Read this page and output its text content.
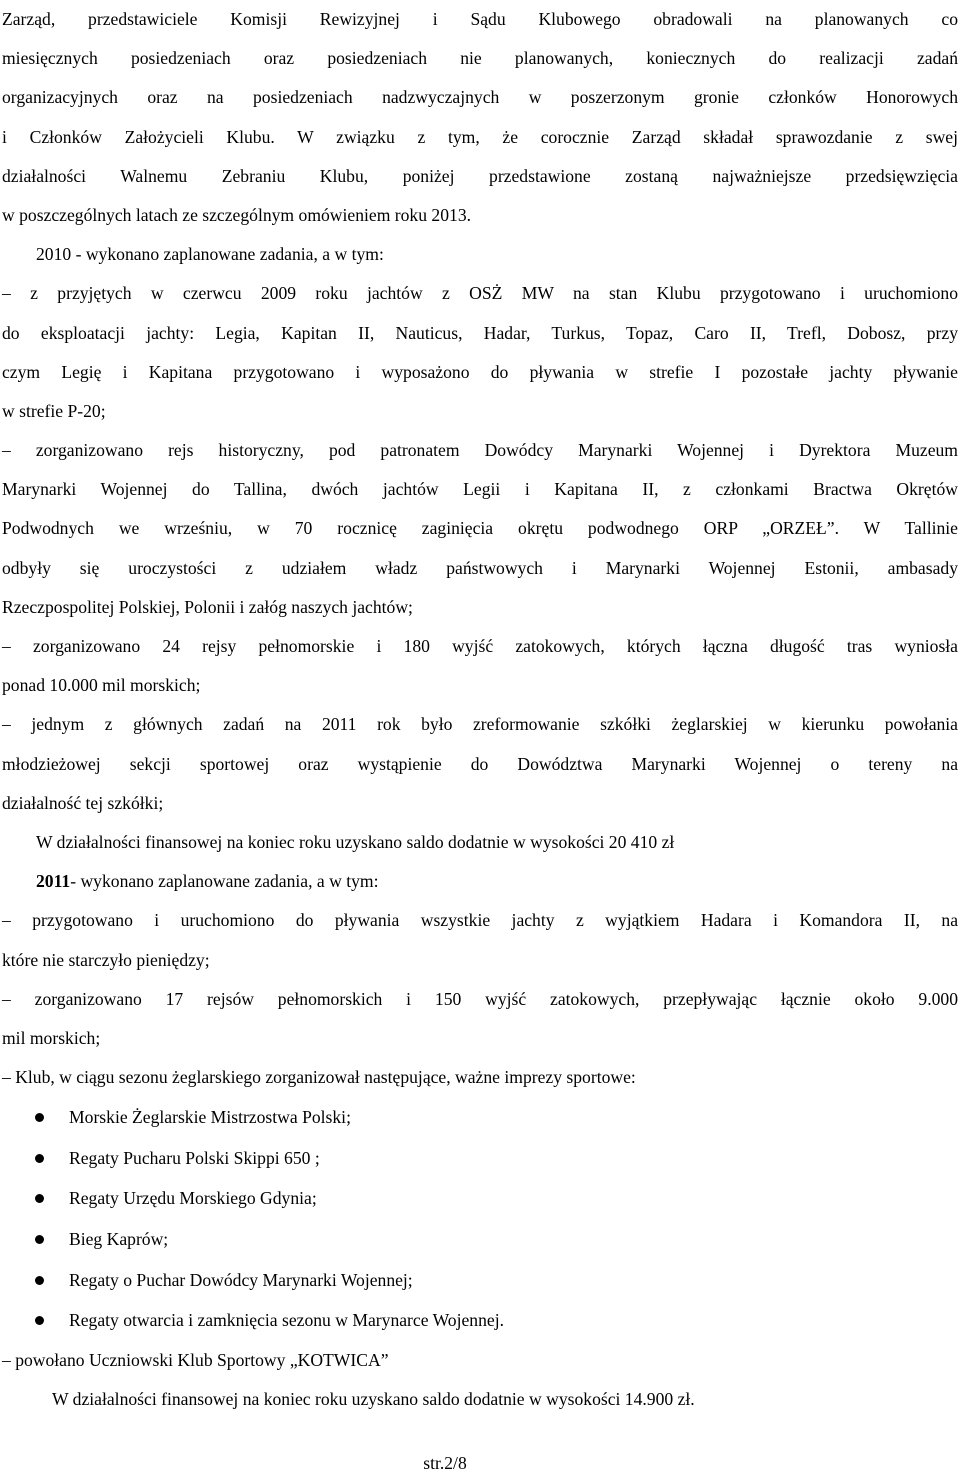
Zarząd, przedstawiciele Komisji Rewizyjnej i Sądu Klubowego obradowali na planowanych co
miesięcznych posiedzeniach oraz posiedzeniach nie planowanych, koniecznych do realizacji zadań
organizacyjnych oraz na posiedzeniach nadzwyczajnych w poszerzonym gronie członków Honorowych
i Członków Założycieli Klubu. W związku z tym, że corocznie Zarząd składał sprawozdanie z swej
działalności Walnemu Zebraniu Klubu, poniżej przedstawione zostaną najważniejsze przedsięwzięcia
w poszczególnych latach ze szczególnym omówieniem roku 2013.
2010 - wykonano zaplanowane zadania, a w tym:
– z przyjętych w czerwcu 2009 roku jachtów z OSŻ MW na stan Klubu przygotowano i uruchomiono
do eksploatacji jachty: Legia, Kapitan II, Nauticus, Hadar, Turkus, Topaz, Caro II, Trefl, Dobosz, przy
czym Legię i Kapitana przygotowano i wyposażono do pływania w strefie I pozostałe jachty pływanie
w strefie P-20;
– zorganizowano rejs historyczny, pod patronatem Dowódcy Marynarki Wojennej i Dyrektora Muzeum
Marynarki Wojennej do Tallina, dwóch jachtów Legii i Kapitana II, z członkami Bractwa Okrętów
Podwodnych we wrześniu, w 70 rocznicę zaginięcia okrętu podwodnego ORP „ORZEŁ”. W Tallinie
odbyły się uroczystości z udziałem władz państwowych i Marynarki Wojennej Estonii, ambasady
Rzeczpospolitej Polskiej, Polonii i załóg naszych jachtów;
– zorganizowano 24 rejsy pełnomorskie i 180 wyjść zatokowych, których łączna długość tras wyniosła
ponad 10.000 mil morskich;
– jednym z głównych zadań na 2011 rok było zreformowanie szkółki żeglarskiej w kierunku powołania
młodzieżowej sekcji sportowej oraz wystąpienie do Dowództwa Marynarki Wojennej o tereny na
działalność tej szkółki;
W działalności finansowej na koniec roku uzyskano saldo dodatnie w wysokości 20 410 zł
2011- wykonano zaplanowane zadania, a w tym:
– przygotowano i uruchomiono do pływania wszystkie jachty z wyjątkiem Hadara i Komandora II, na
które nie starczyło pieniędzy;
– zorganizowano 17 rejsów pełnomorskich i 150 wyjść zatokowych, przepływając łącznie około 9.000
mil morskich;
– Klub, w ciągu sezonu żeglarskiego zorganizował następujące, ważne imprezy sportowe:
Morskie Żeglarskie Mistrzostwa Polski;
Regaty Pucharu Polski Skippi 650 ;
Regaty Urzędu Morskiego Gdynia;
Bieg Kaprów;
Regaty o Puchar Dowódcy Marynarki Wojennej;
Regaty otwarcia i zamknięcia sezonu w Marynarce Wojennej.
– powołano Uczniowski Klub Sportowy „KOTWICA”
W działalności finansowej na koniec roku uzyskano saldo dodatnie w wysokości 14.900 zł.
str.2/8
